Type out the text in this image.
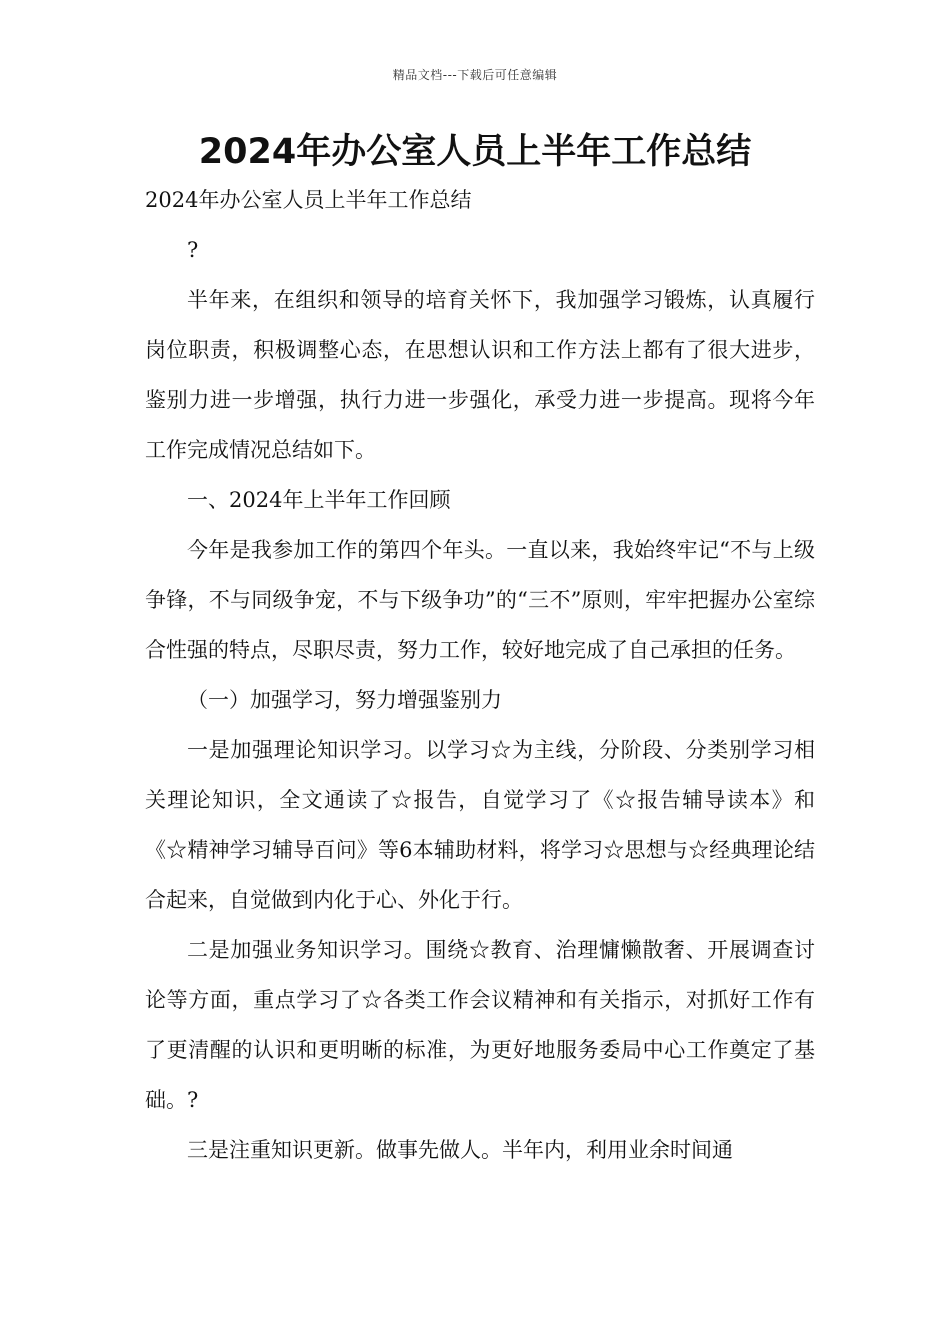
精品文档---下载后可任意编辑
2024年办公室人员上半年工作总结

2024年办公室人员上半年工作总结

?

半年来，在组织和领导的培育关怀下，我加强学习锻炼，认真履行岗位职责，积极调整心态，在思想认识和工作方法上都有了很大进步，鉴别力进一步增强，执行力进一步强化，承受力进一步提高。现将今年工作完成情况总结如下。

一、2024年上半年工作回顾

今年是我参加工作的第四个年头。一直以来，我始终牢记“不与上级争锋，不与同级争宠，不与下级争功”的“三不”原则，牢牢把握办公室综合性强的特点，尽职尽责，努力工作，较好地完成了自己承担的任务。

（一）加强学习，努力增强鉴别力

一是加强理论知识学习。以学习☆为主线，分阶段、分类别学习相关理论知识，全文通读了☆报告，自觉学习了《☆报告辅导读本》和《☆精神学习辅导百问》等6本辅助材料，将学习☆思想与☆经典理论结合起来，自觉做到内化于心、外化于行。

二是加强业务知识学习。围绕☆教育、治理慵懒散奢、开展调查讨论等方面，重点学习了☆各类工作会议精神和有关指示，对抓好工作有了更清醒的认识和更明晰的标准，为更好地服务委局中心工作奠定了基础。?

三是注重知识更新。做事先做人。半年内，利用业余时间通
